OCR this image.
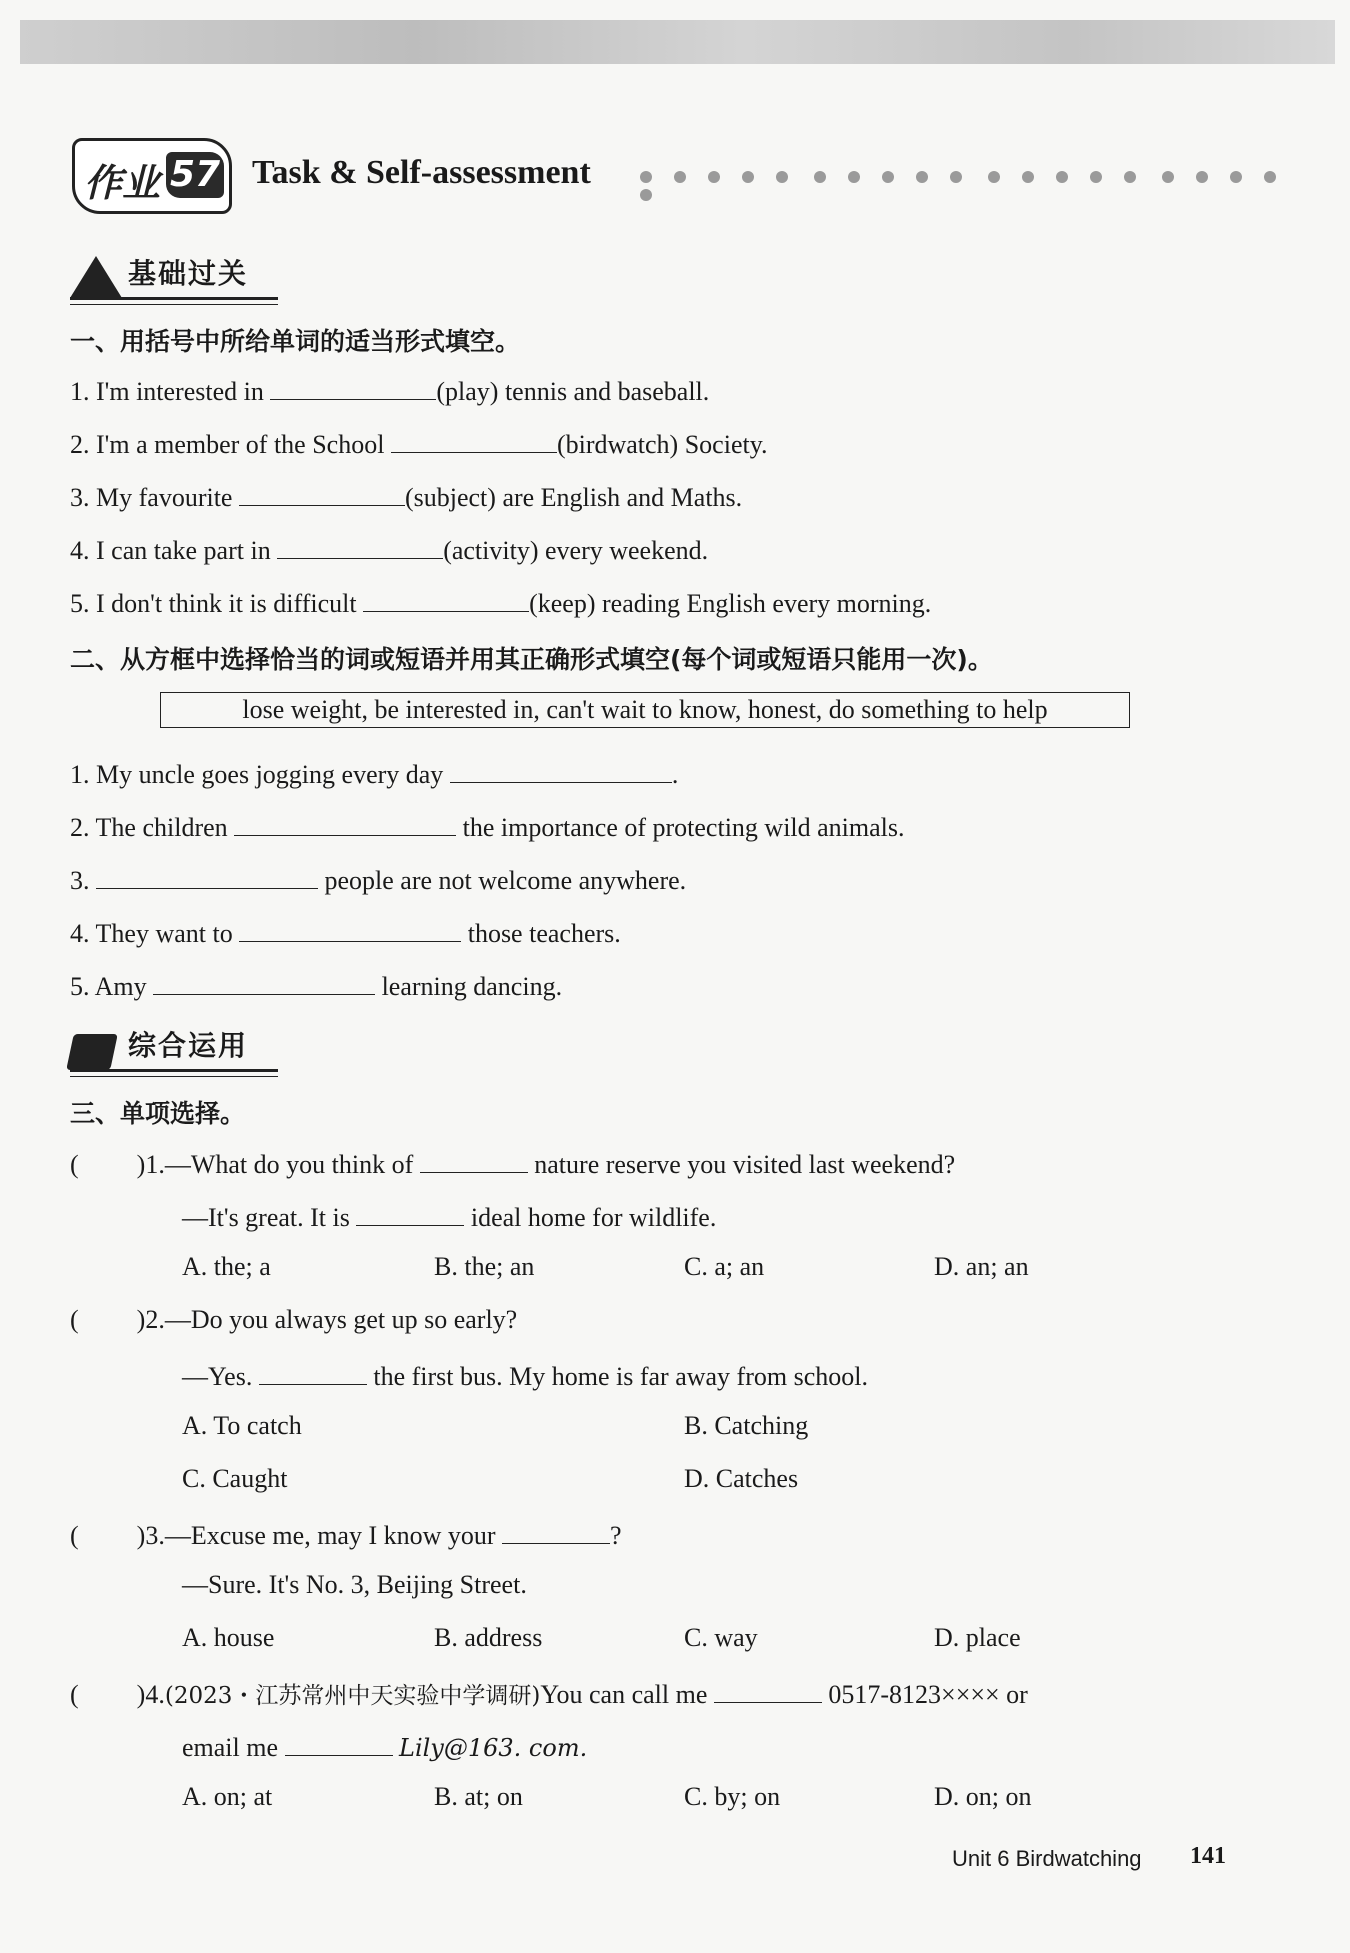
作业 57 Task & Self-assessment

基础过关
一、用括号中所给单词的适当形式填空。
1. I'm interested in	(play) tennis and baseball.
2. I'm a member of the School	(birdwatch) Society.
3. My favourite	(subject) are English and Maths.
4. I can take part in	(activity) every weekend.
5. I don't think it is difficult	(keep) reading English every morning.
二、从方框中选择恰当的词或短语并用其正确形式填空(每个词或短语只能用一次)。
lose weight, be interested in, can't wait to know, honest, do something to help
1. My uncle goes jogging every day	.
2. The children	the importance of protecting wild animals.
3.	people are not welcome anywhere.
4. They want to	those teachers.
5. Amy	learning dancing.
综合运用
三、单项选择。
( )1.—What do you think of	nature reserve you visited last weekend?
—It's great. It is	ideal home for wildlife.
A. the; a	B. the; an	C. a; an	D. an; an
( )2.—Do you always get up so early?
—Yes.	the first bus. My home is far away from school.
A. To catch	B. Catching
C. Caught	D. Catches
( )3.—Excuse me, may I know your	?
—Sure. It's No. 3, Beijing Street.
A. house	B. address	C. way	D. place
( )4.(2023・江苏常州中天实验中学调研)You can call me	0517-8123×××× or
email me	Lily@163. com.
A. on; at	B. at; on	C. by; on	D. on; on
Unit 6 Birdwatching 141
